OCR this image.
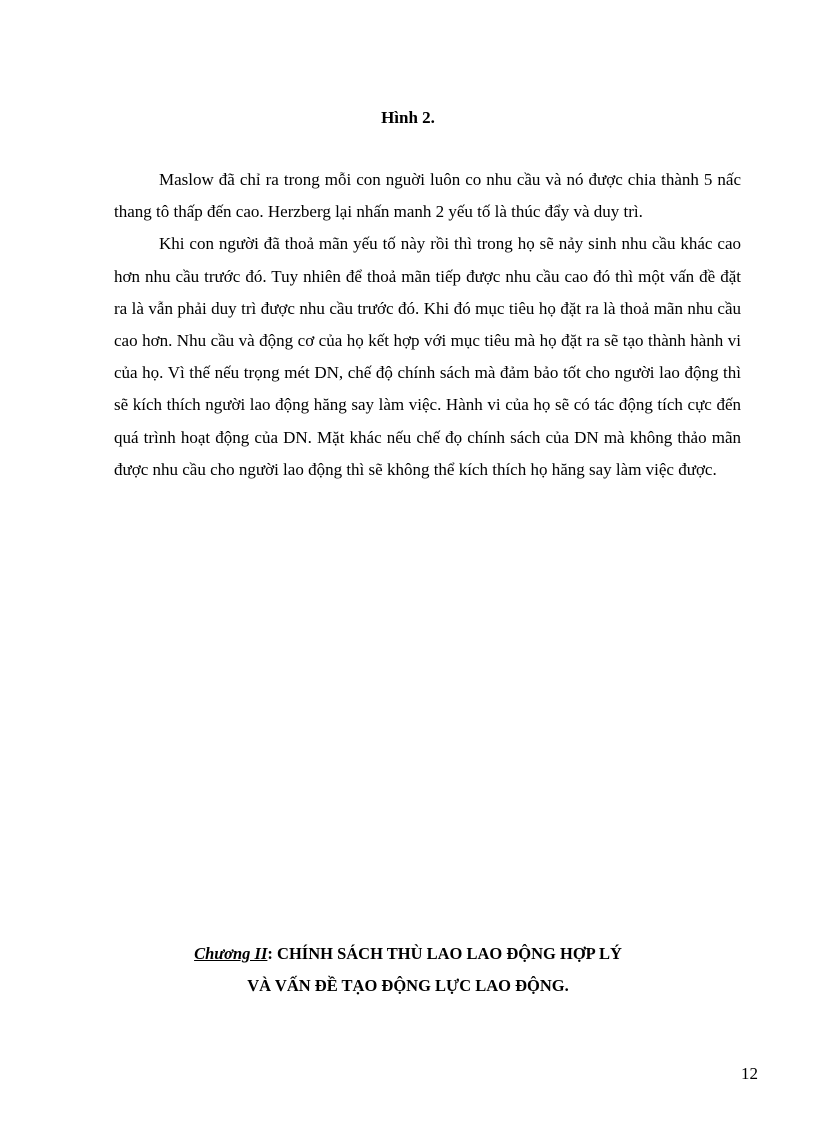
Hình 2.

Maslow đã chỉ ra trong mỗi con nguời luôn co nhu cầu và nó được chia thành 5 nấc thang tô thấp đến cao. Herzberg lại nhấn manh 2 yếu tố là thúc đẩy và duy trì.

Khi con người đã thoả mãn yếu tố này rồi thì trong họ sẽ nảy sinh nhu cầu khác cao hơn nhu cầu trước đó. Tuy nhiên để thoả mãn tiếp được nhu cầu cao đó thì một vấn đề đặt ra là vẫn phải duy trì được nhu cầu trước đó. Khi đó mục tiêu họ đặt ra là thoả mãn nhu cầu cao hơn. Nhu cầu và động cơ của họ kết hợp với mục tiêu mà họ đặt ra sẽ tạo thành hành vi của họ. Vì thế nếu trọng mét DN, chế độ chính sách mà đảm bảo tốt cho người lao động thì sẽ kích thích người lao động hăng say làm việc. Hành vi của họ sẽ có tác động tích cực đến quá trình hoạt động của DN. Mặt khác nếu chế đọ chính sách của DN mà không thảo mãn được nhu cầu cho người lao động thì sẽ không thể kích thích họ hăng say làm việc được.

Chương II: CHÍNH SÁCH THÙ LAO LAO ĐỘNG HỢP LÝ
VÀ VẤN ĐỀ TẠO ĐỘNG LỰC LAO ĐỘNG.
12
